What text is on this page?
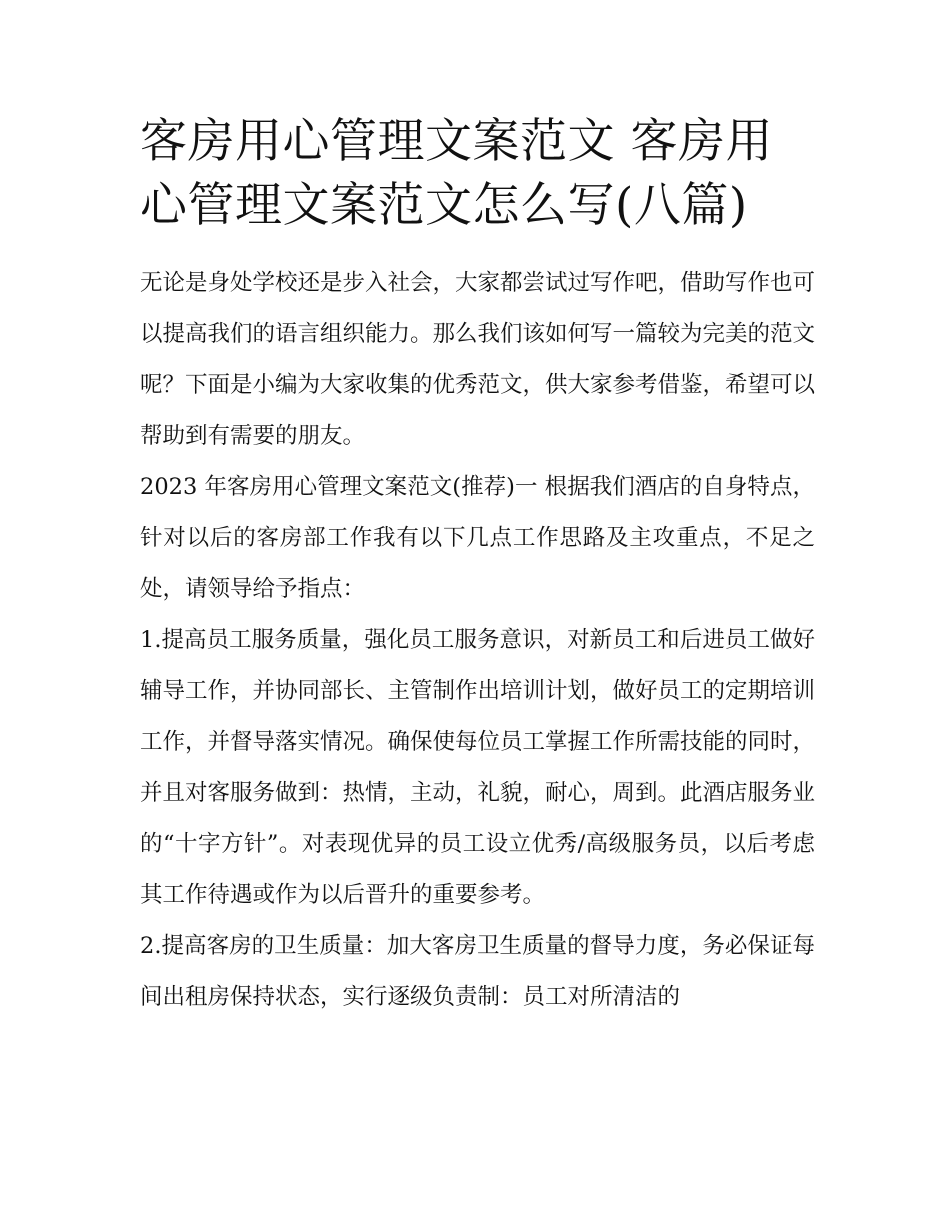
客房用心管理文案范文 客房用心管理文案范文怎么写(八篇)

无论是身处学校还是步入社会，大家都尝试过写作吧，借助写作也可以提高我们的语言组织能力。那么我们该如何写一篇较为完美的范文呢？下面是小编为大家收集的优秀范文，供大家参考借鉴，希望可以帮助到有需要的朋友。

2023 年客房用心管理文案范文(推荐)一 根据我们酒店的自身特点，针对以后的客房部工作我有以下几点工作思路及主攻重点，不足之处，请领导给予指点：

1.提高员工服务质量，强化员工服务意识，对新员工和后进员工做好辅导工作，并协同部长、主管制作出培训计划，做好员工的定期培训工作，并督导落实情况。确保使每位员工掌握工作所需技能的同时，并且对客服务做到：热情，主动，礼貌，耐心，周到。此酒店服务业的“十字方针”。对表现优异的员工设立优秀/高级服务员，以后考虑其工作待遇或作为以后晋升的重要参考。

2.提高客房的卫生质量：加大客房卫生质量的督导力度，务必保证每间出租房保持状态，实行逐级负责制：员工对所清洁的
